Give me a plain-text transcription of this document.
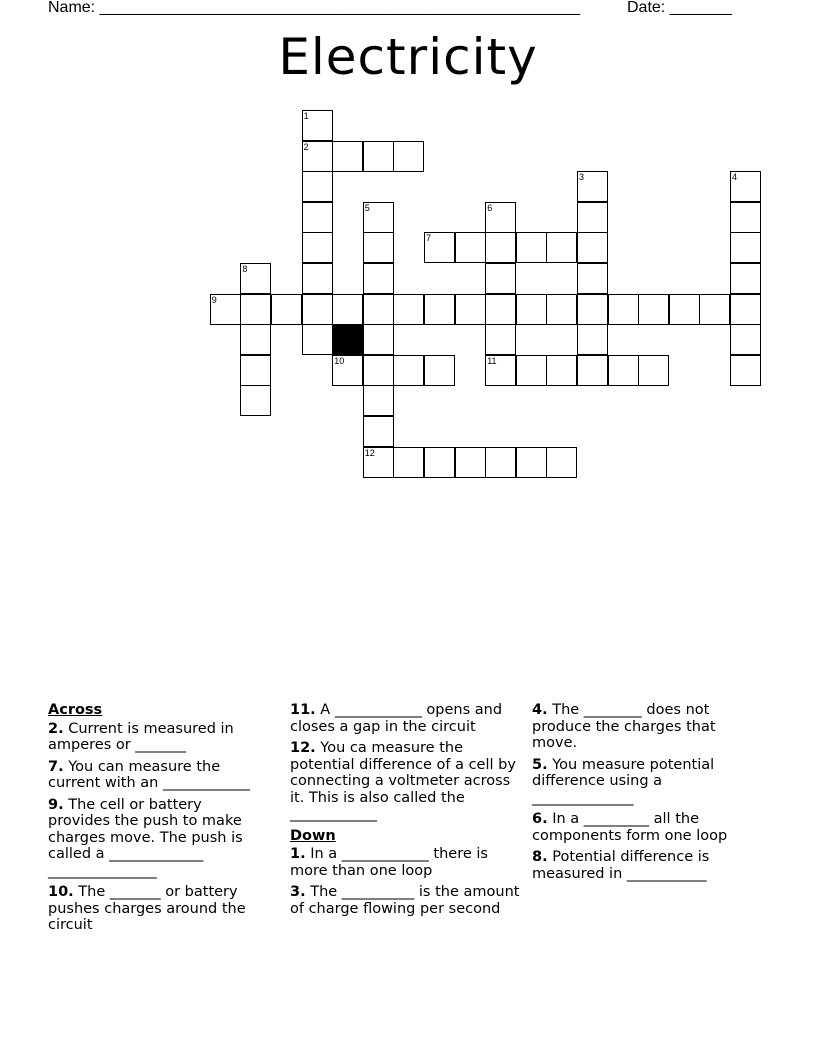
Name: ______________________________________________________	Date: _______
Electricity
1
2
3	4
5	6
7
8
9
10	11
12
Across
2. Current is measured in amperes or _______
7. You can measure the current with an ____________
9. The cell or battery provides the push to make charges move. The push is called a _____________ _______________
10. The _______ or battery pushes charges around the circuit
11. A ____________ opens and closes a gap in the circuit
12. You ca measure the potential difference of a cell by connecting a voltmeter across it. This is also called the ____________
Down
1. In a ____________ there is more than one loop
3. The __________ is the amount of charge flowing per second
4. The ________ does not produce the charges that move.
5. You measure potential difference using a ______________
6. In a _________ all the components form one loop
8. Potential difference is measured in ___________
